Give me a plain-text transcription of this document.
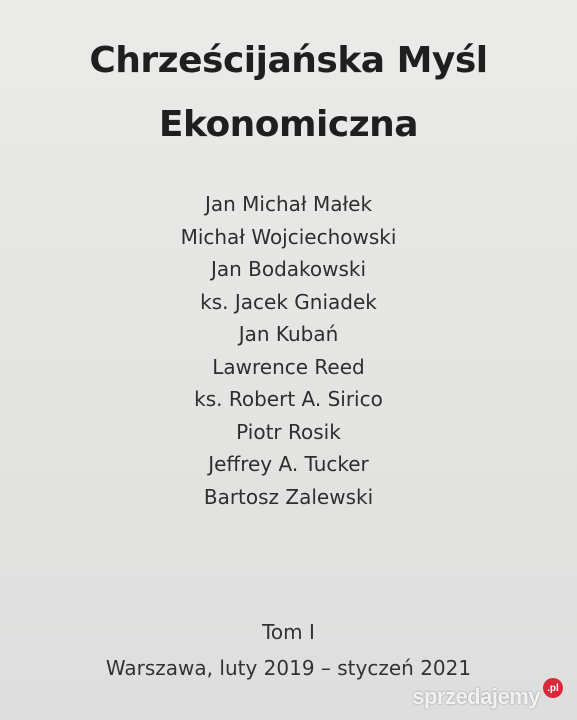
Chrześcijańska Myśl
Ekonomiczna
Jan Michał Małek
Michał Wojciechowski
Jan Bodakowski
ks. Jacek Gniadek
Jan Kubań
Lawrence Reed
ks. Robert A. Sirico
Piotr Rosik
Jeffrey A. Tucker
Bartosz Zalewski
Tom I
Warszawa, luty 2019 – styczeń 2021
sprzedajemy .pl
